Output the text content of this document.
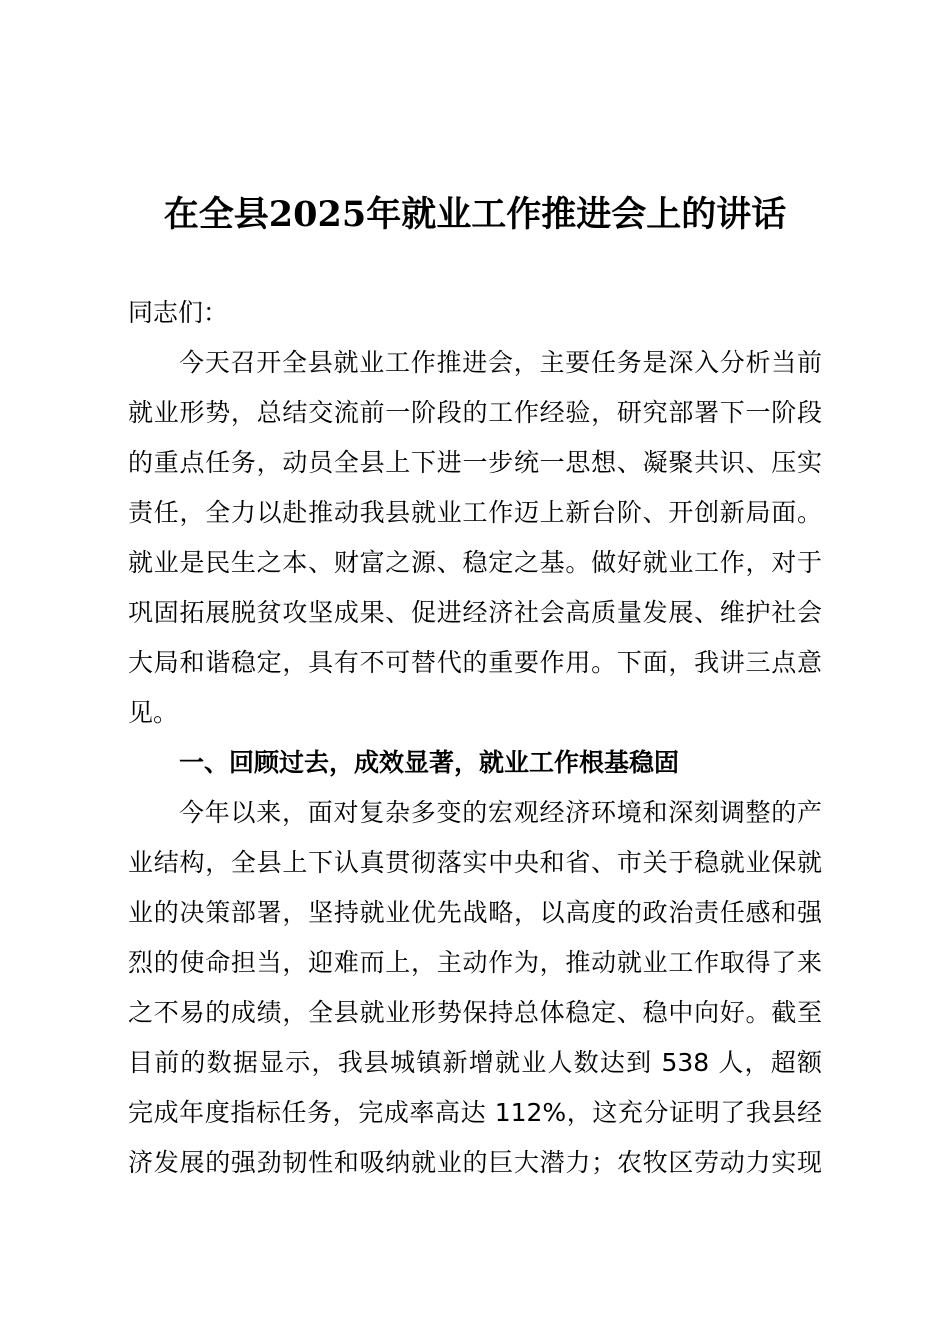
在全县2025年就业工作推进会上的讲话
同志们：
今天召开全县就业工作推进会，主要任务是深入分析当前
就业形势，总结交流前一阶段的工作经验，研究部署下一阶段
的重点任务，动员全县上下进一步统一思想、凝聚共识、压实
责任，全力以赴推动我县就业工作迈上新台阶、开创新局面。
就业是民生之本、财富之源、稳定之基。做好就业工作，对于
巩固拓展脱贫攻坚成果、促进经济社会高质量发展、维护社会
大局和谐稳定，具有不可替代的重要作用。下面，我讲三点意
见。
一、回顾过去，成效显著，就业工作根基稳固
今年以来，面对复杂多变的宏观经济环境和深刻调整的产
业结构，全县上下认真贯彻落实中央和省、市关于稳就业保就
业的决策部署，坚持就业优先战略，以高度的政治责任感和强
烈的使命担当，迎难而上，主动作为，推动就业工作取得了来
之不易的成绩，全县就业形势保持总体稳定、稳中向好。截至
目前的数据显示，我县城镇新增就业人数达到 538 人，超额
完成年度指标任务，完成率高达 112%，这充分证明了我县经
济发展的强劲韧性和吸纳就业的巨大潜力；农牧区劳动力实现
